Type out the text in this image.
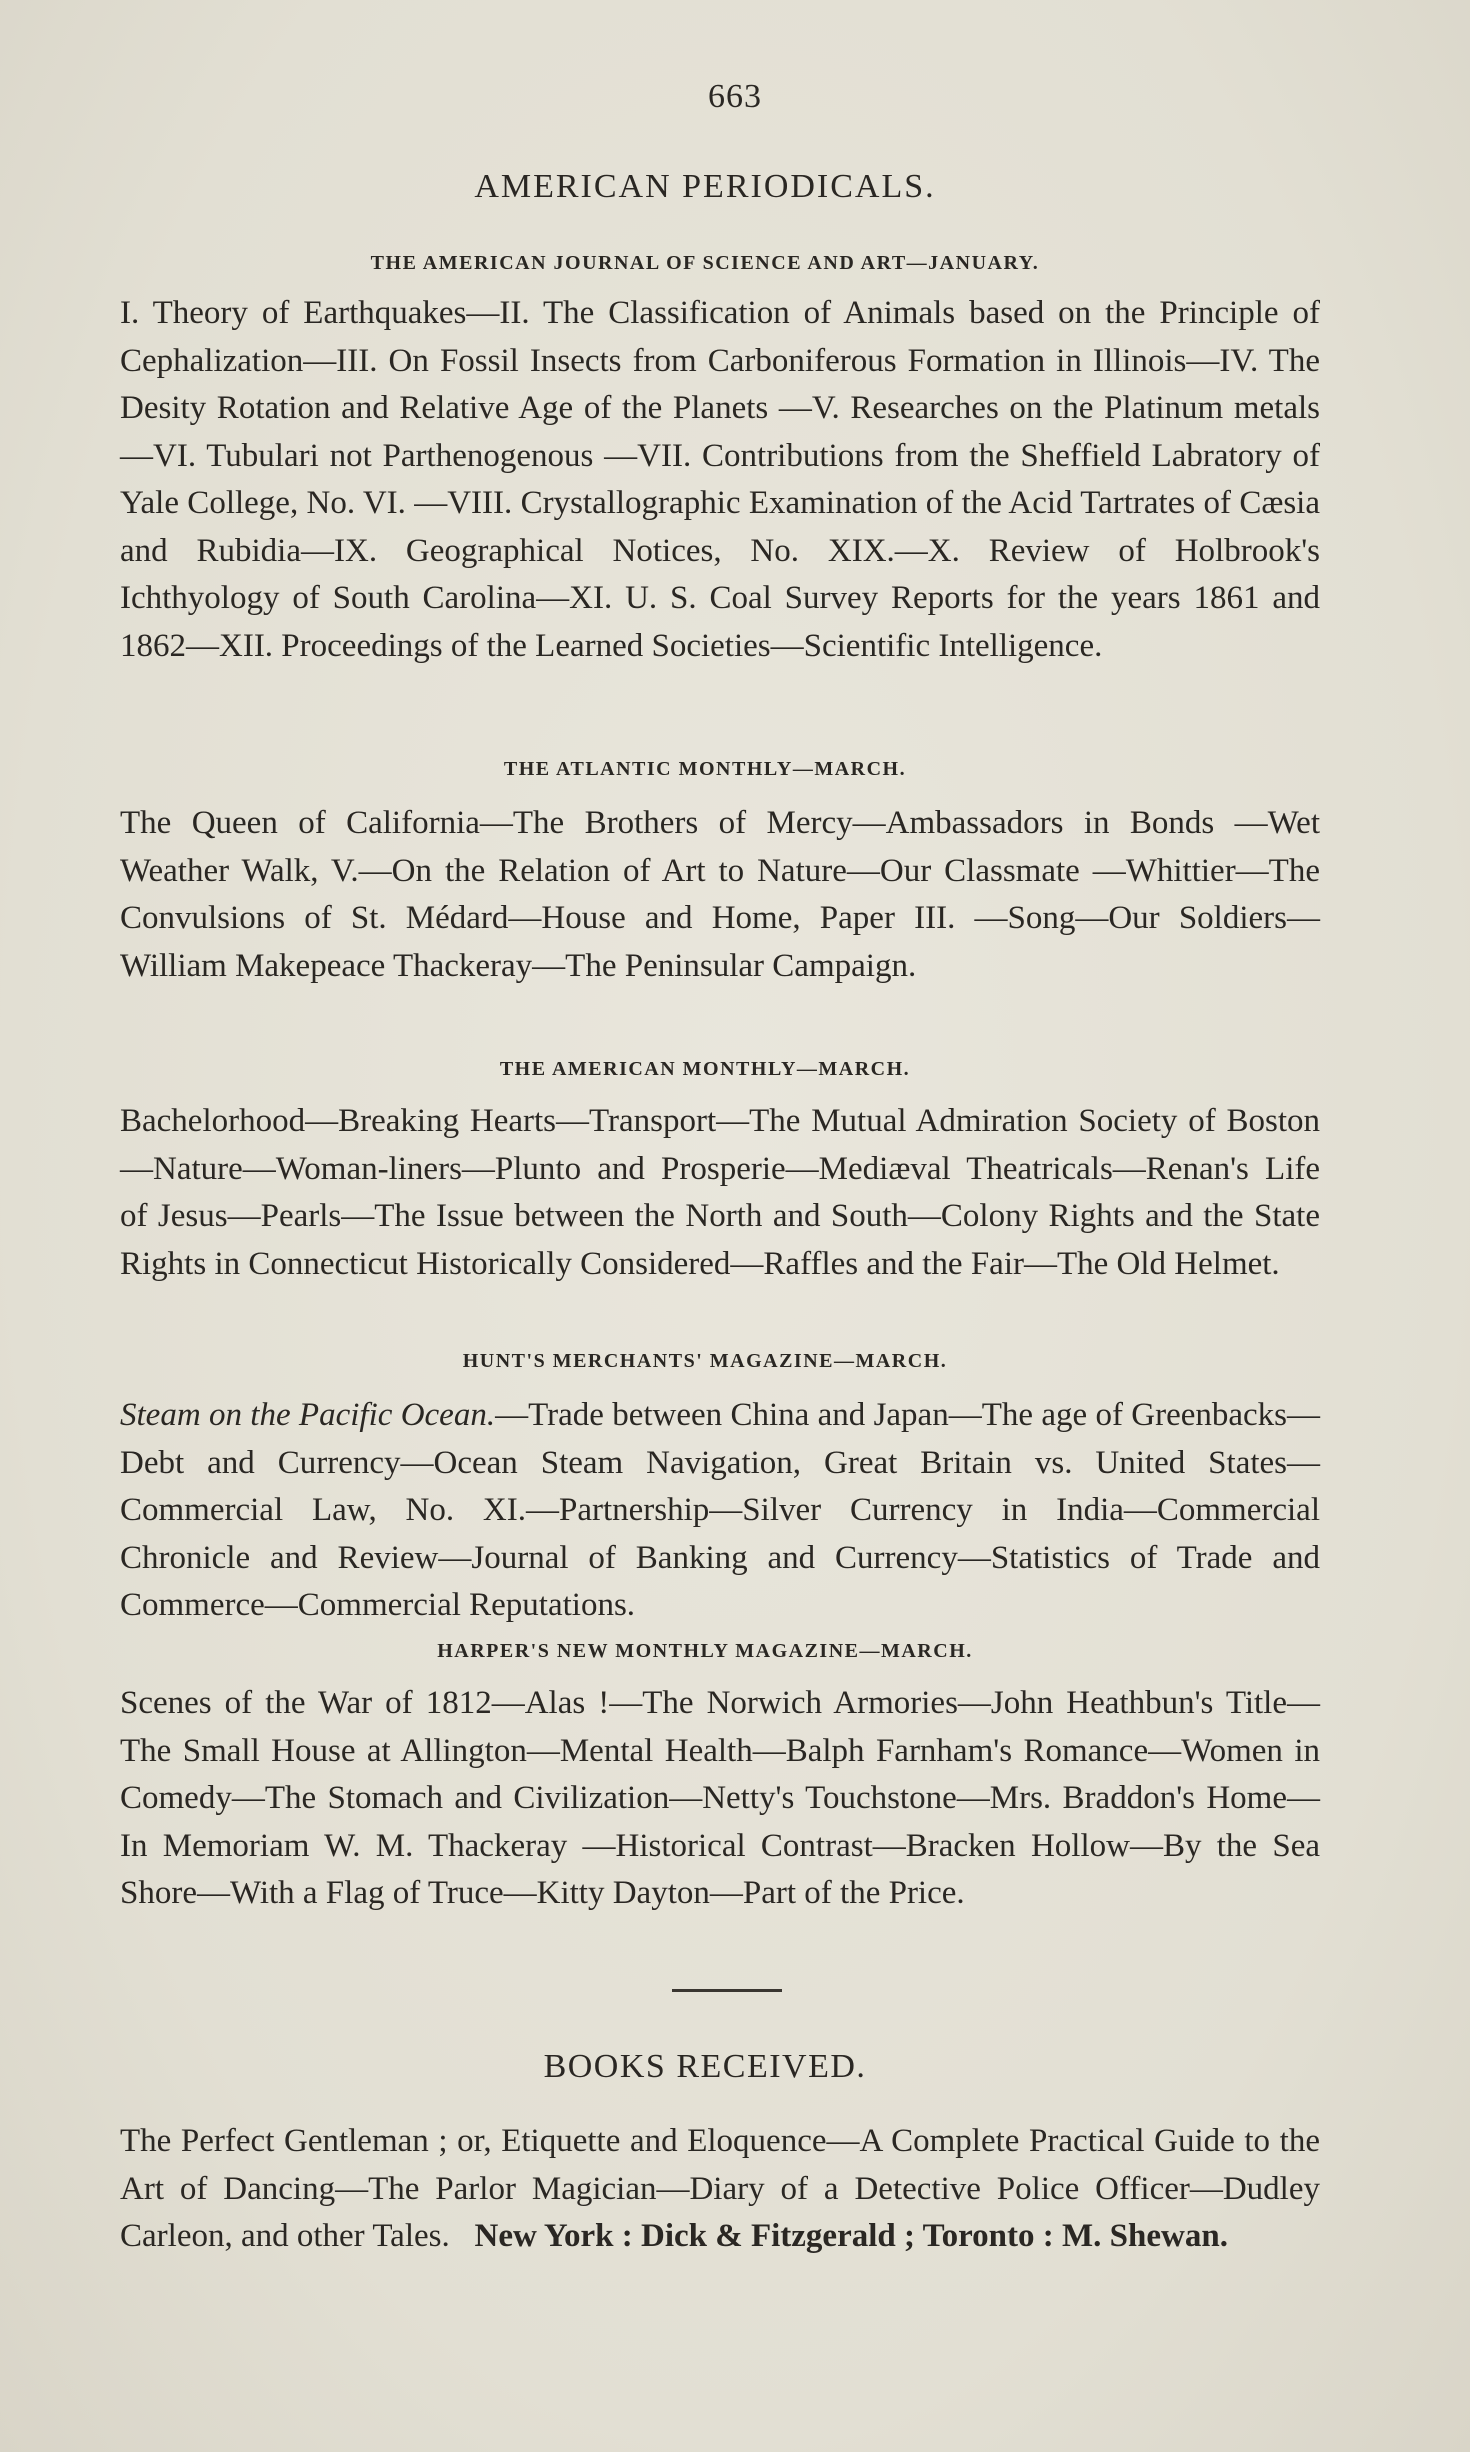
663
AMERICAN PERIODICALS.
THE AMERICAN JOURNAL OF SCIENCE AND ART—JANUARY.

I. Theory of Earthquakes—II. The Classification of Animals based on the Principle of Cephalization—III. On Fossil Insects from Carboniferous Formation in Illinois—IV. The Desity Rotation and Relative Age of the Planets —V. Researches on the Platinum metals—VI. Tubulari not Parthenogenous —VII. Contributions from the Sheffield Labratory of Yale College, No. VI. —VIII. Crystallographic Examination of the Acid Tartrates of Cæsia and Rubidia—IX. Geographical Notices, No. XIX.—X. Review of Holbrook's Ichthyology of South Carolina—XI. U. S. Coal Survey Reports for the years 1861 and 1862—XII. Proceedings of the Learned Societies—Scientific Intelligence.

THE ATLANTIC MONTHLY—MARCH.

The Queen of California—The Brothers of Mercy—Ambassadors in Bonds —Wet Weather Walk, V.—On the Relation of Art to Nature—Our Classmate —Whittier—The Convulsions of St. Médard—House and Home, Paper III. —Song—Our Soldiers—William Makepeace Thackeray—The Peninsular Campaign.

THE AMERICAN MONTHLY—MARCH.

Bachelorhood—Breaking Hearts—Transport—The Mutual Admiration Society of Boston—Nature—Woman-liners—Plunto and Prosperie—Mediæval Theatricals—Renan's Life of Jesus—Pearls—The Issue between the North and South—Colony Rights and the State Rights in Connecticut Historically Considered—Raffles and the Fair—The Old Helmet.

HUNT'S MERCHANTS' MAGAZINE—MARCH.

Steam on the Pacific Ocean.—Trade between China and Japan—The age of Greenbacks—Debt and Currency—Ocean Steam Navigation, Great Britain vs. United States—Commercial Law, No. XI.—Partnership—Silver Currency in India—Commercial Chronicle and Review—Journal of Banking and Currency—Statistics of Trade and Commerce—Commercial Reputations.

HARPER'S NEW MONTHLY MAGAZINE—MARCH.

Scenes of the War of 1812—Alas !—The Norwich Armories—John Heathbun's Title—The Small House at Allington—Mental Health—Balph Farnham's Romance—Women in Comedy—The Stomach and Civilization—Netty's Touchstone—Mrs. Braddon's Home—In Memoriam W. M. Thackeray —Historical Contrast—Bracken Hollow—By the Sea Shore—With a Flag of Truce—Kitty Dayton—Part of the Price.

BOOKS RECEIVED.

The Perfect Gentleman ; or, Etiquette and Eloquence—A Complete Practical Guide to the Art of Dancing—The Parlor Magician—Diary of a Detective Police Officer—Dudley Carleon, and other Tales. New York : Dick & Fitzgerald ; Toronto : M. Shewan.
